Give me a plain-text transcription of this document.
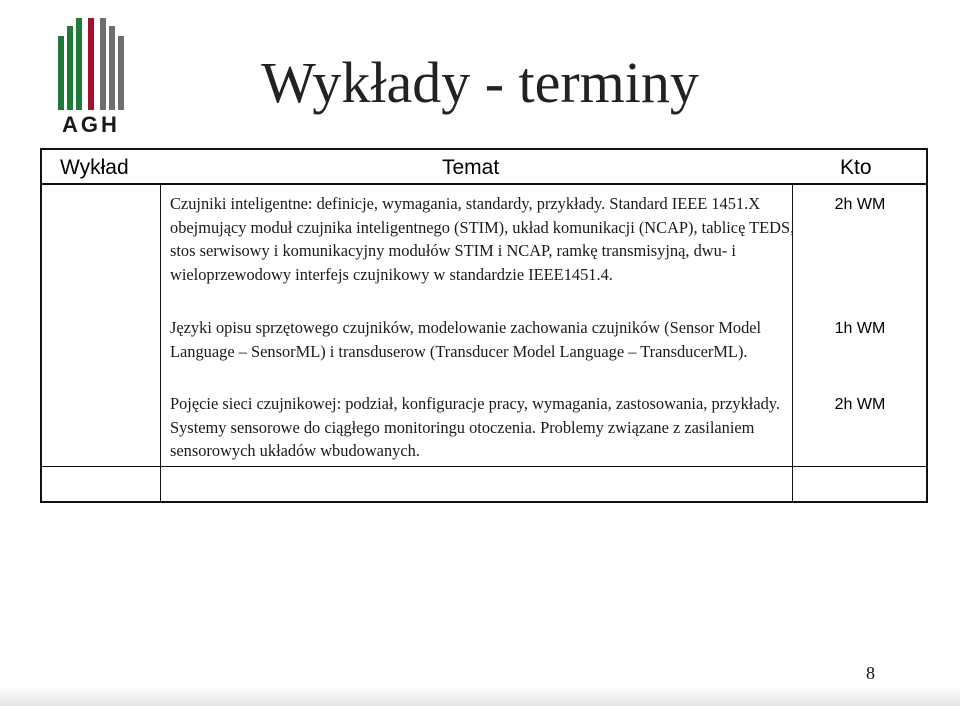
AGH
Wykłady - terminy
Wykład	Temat	Kto
Czujniki inteligentne: definicje, wymagania, standardy, przykłady. Standard IEEE 1451.X obejmujący moduł czujnika inteligentnego (STIM), układ komunikacji (NCAP), tablicę TEDS, stos serwisowy i komunikacyjny modułów STIM i NCAP, ramkę transmisyjną, dwu- i wieloprzewodowy interfejs czujnikowy w standardzie IEEE1451.4.
2h WM
Języki opisu sprzętowego czujników, modelowanie zachowania czujników (Sensor Model Language – SensorML) i transduserow (Transducer Model Language – TransducerML).
1h WM
Pojęcie sieci czujnikowej: podział, konfiguracje pracy, wymagania, zastosowania, przykłady. Systemy sensorowe do ciągłego monitoringu otoczenia. Problemy związane z zasilaniem sensorowych układów wbudowanych.
2h WM
8
